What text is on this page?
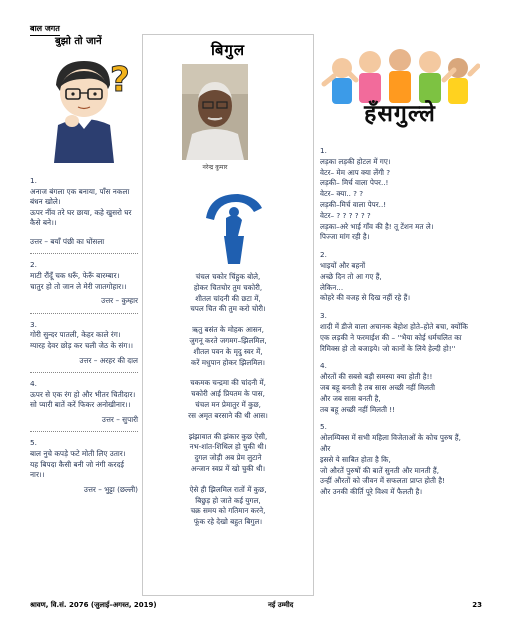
बाल जगत
बुझो तो जानें
?
1.
अनाज बंगला एक बनाया, पाँस नकला बंधन खोले।
ऊपर नींव तरे घर छाया, कहे खुसरो घर कैसे बने।।
उत्तर – बयाँ पंछी का घोंसला
2.
माटी रौंदूँ चक धरूँ, फेरूँ बारम्बार।
चातुर हो तो जान ले मेरी जातगोहार।।
उत्तर – कुम्हार
3.
गोरी सुन्दर पातली, केहर काले रंग।
ग्यारह देवर छोड़ कर चली जेठ के संग।।
उत्तर – अरहर की दाल
4.
ऊपर से एक रंग हो और भीतर चितीदार।
सो प्यारी बातें करें फिकर अनोखीनार।।
उत्तर – सुपारी
5.
बाल नुचे कपड़े फटे मोती लिए उतार।
यह बिपदा कैसी बनी जो नंगी करदई नार।।
उत्तर – भुट्टा (छल्ली)
बिगुल
नरेन्द्र कुमार
चंचल चकोर चिंहुक बोले,
होकर चितचोर तुम चकोरी,
शीतल चांदनी की छटा में,
चपल चित की तुम करो चोरी।
ऋतु बसंत के मोहक आसन,
जुगनू करते जगमग–झिलमिल,
शीतल पवन के मृदु स्वर में,
करें मधुपान होकर झिलमिल।
चकमक चन्द्रमा की चांदनी में,
चकोरी आई प्रियतम के पास,
चंचल मन प्रेमातुर में कुछ,
रस अमृत बरसाने की थी आस।
झंझावात की झंकार कुछ ऐसी,
नभ-शांत-शिथिल हो चुकी थी।
दुगल जोड़ी अब प्रेम लुटाने
अन्जान स्वप्न में खो चुकी थी।
ऐसे ही झिलमिल रातों में कुछ,
बिछुड़ हो जाते कई युगल,
चक्र समय को गतिमान करने,
फूंक रहे देखो बहुत बिगुल।
हँसगुल्ले
1.
लड़का लड़की होटल में गए।
वेटर– मेम आप क्या लेंगी ?
लड़की– मिर्च वाला पेपर..!
वेटर– क्या.. ? ?
लड़की–मिर्च वाला पेपर..!
वेटर– ? ? ? ? ? ?
लड़का–अरे भाई गाँव की है! तू टेंशन मत ले।
पिज्जा मांग रही है।
2.
भाइयों और बहनों
अच्छे दिन तो आ गए हैं,
लेकिन...
कोहरे की वजह से दिख नहीं रहे हैं।
3.
शादी में डीजे वाला अचानक बेहोश होते–होते बचा, क्योंकि
एक लड़की ने फरमाईश की – ''भैया कोई धर्मचलित का रिमिक्स हो तो बजाइये। जो कानों के लिये हेल्दी हो!''
4.
औरतों की सबसे बड़ी समस्या क्या होती है!!
जब बहू बनती है तब सास अच्छी नहीं मिलती
और जब सास बनती है,
तब बहू अच्छी नहीं मिलती !!
5.
ओलम्पिक्स में सभी महिला विजेताओं के कोच पुरुष हैं,
और
इससे ये साबित होता है कि,
जो औरतें पुरुषों की बातें सुनती और मानती हैं,
उन्हीं औरतों को जीवन में सफलता प्राप्त होती है!
और उनकी कीर्ति पूरे विश्व में फैलती है।
श्रावण, वि.सं. 2076 (जुलाई–अगस्त, 2019)	नई उम्मीद	23
